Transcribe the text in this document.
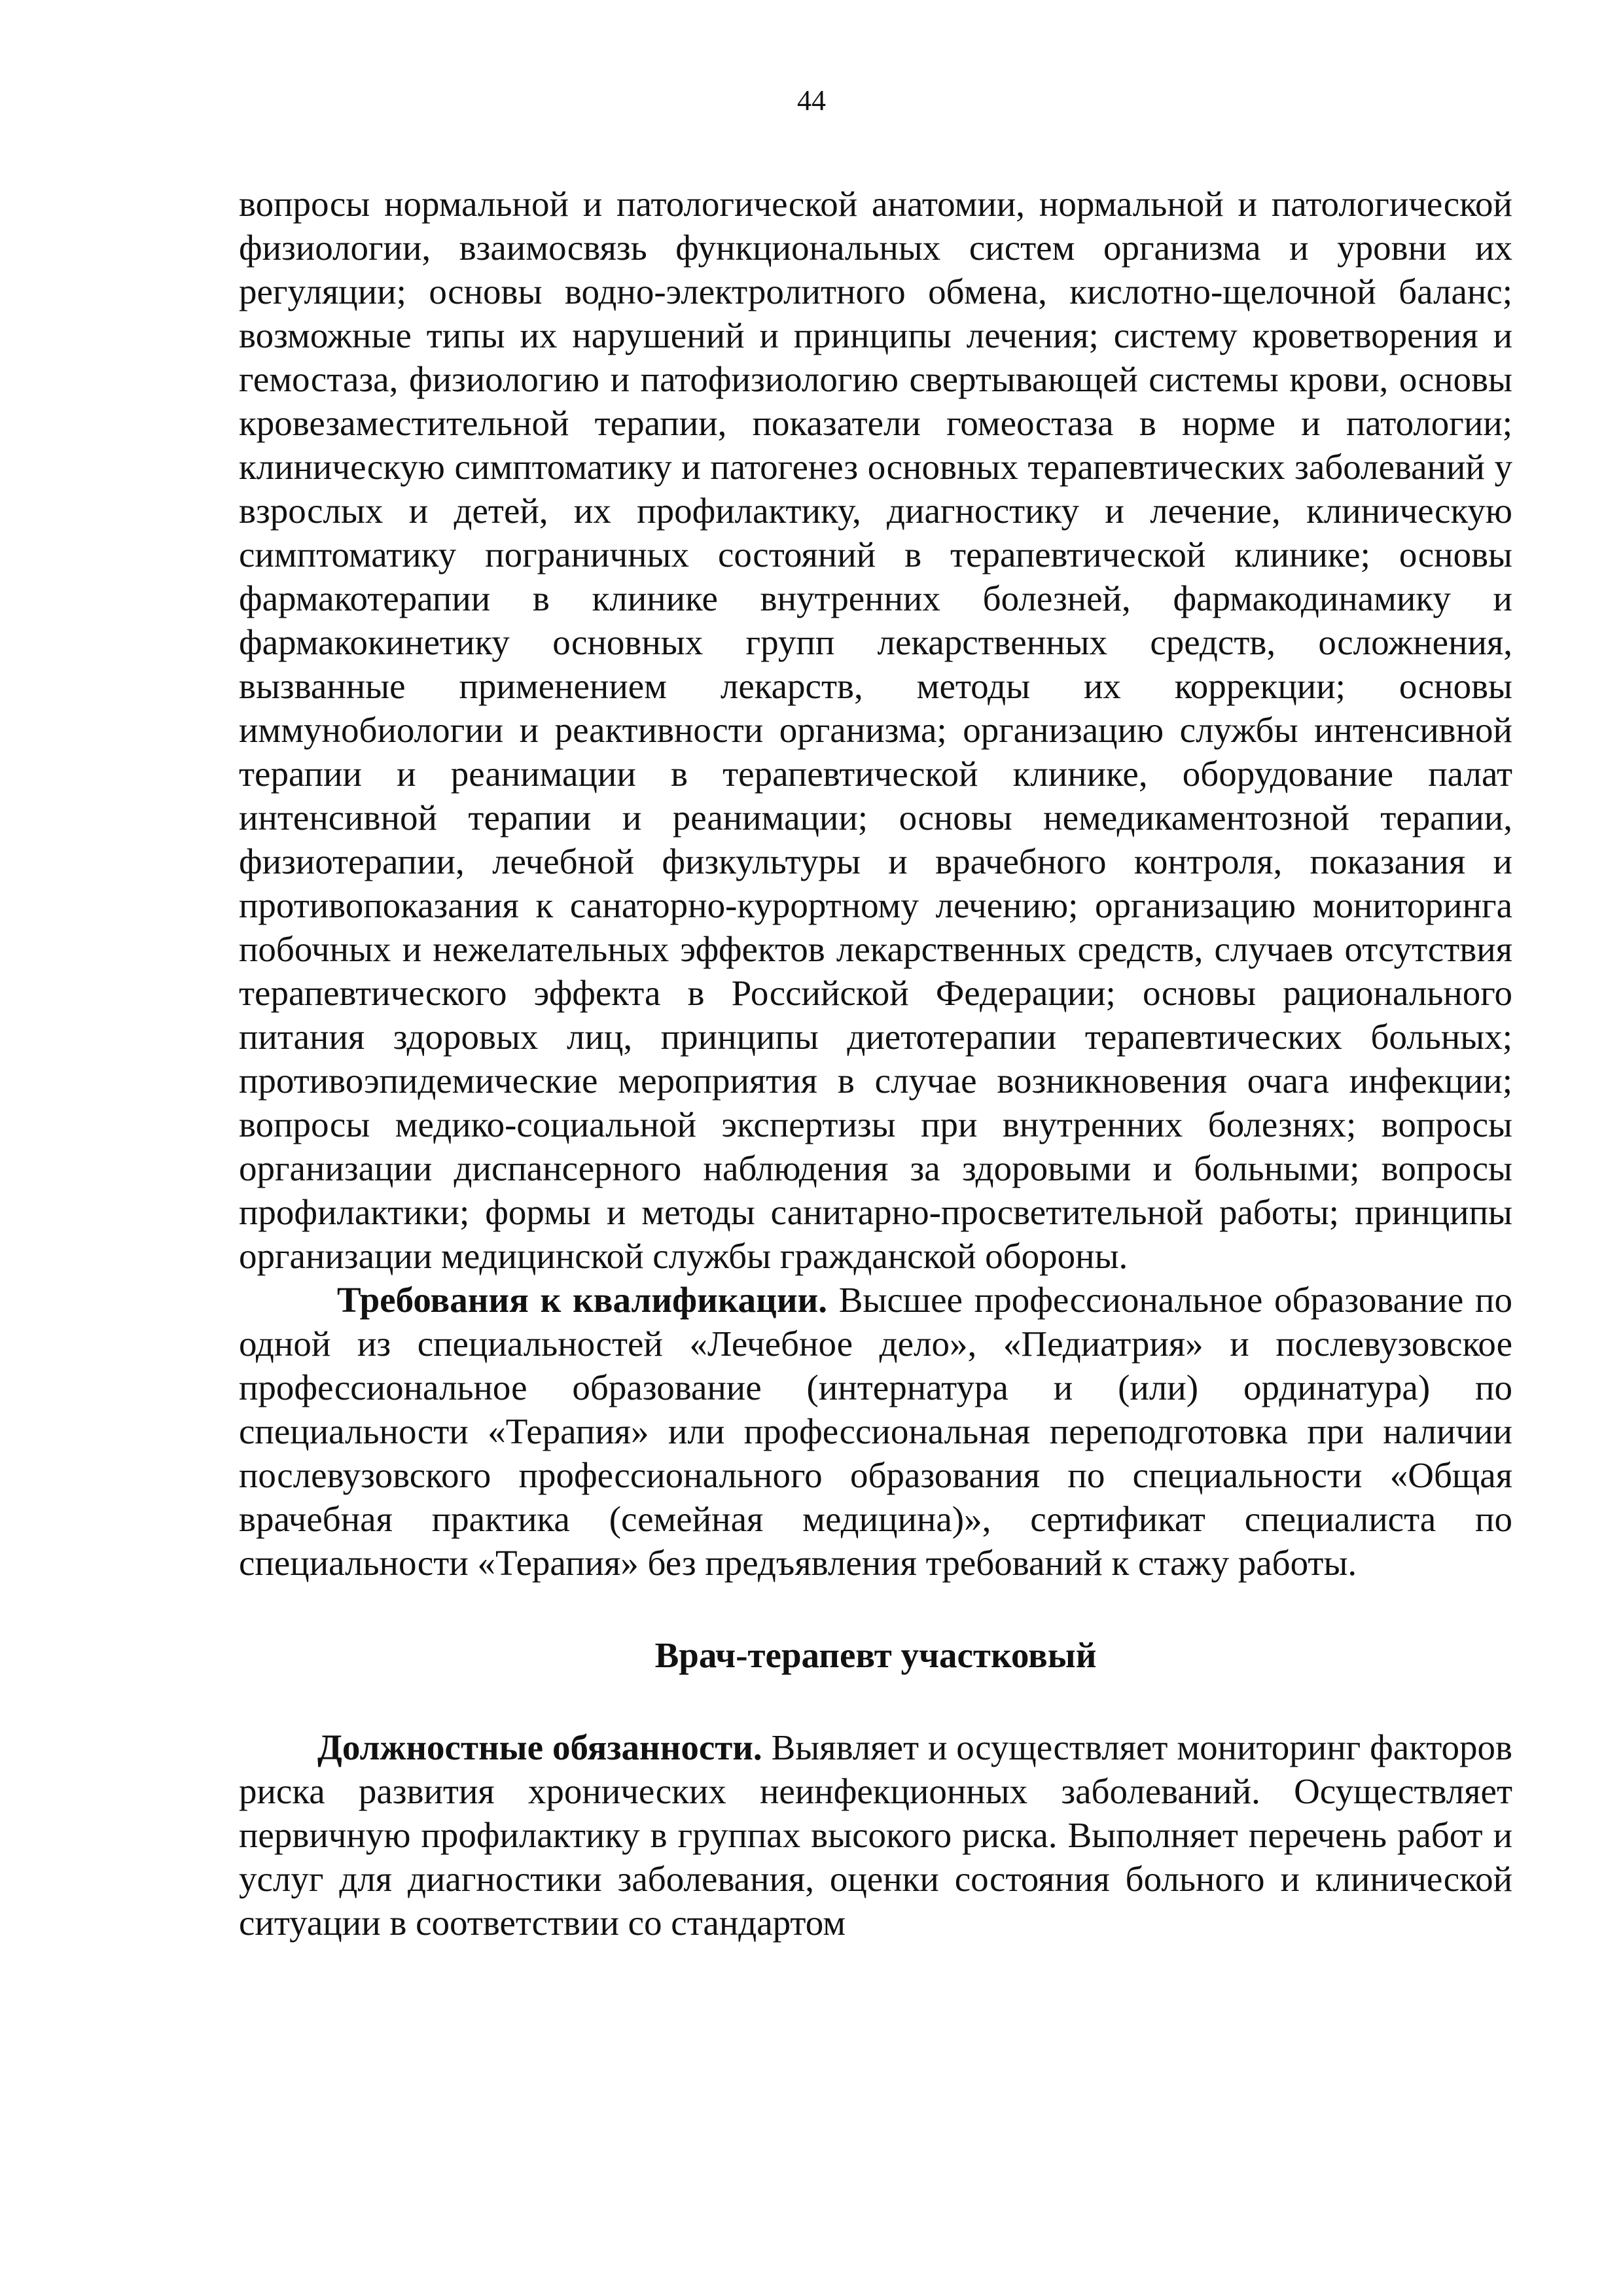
44

вопросы нормальной и патологической анатомии, нормальной и патологической физиологии, взаимосвязь функциональных систем организма и уровни их регуляции; основы водно-электролитного обмена, кислотно-щелочной баланс; возможные типы их нарушений и принципы лечения; систему кроветворения и гемостаза, физиологию и патофизиологию свертывающей системы крови, основы кровезаместительной терапии, показатели гомеостаза в норме и патологии; клиническую симптоматику и патогенез основных терапевтических заболеваний у взрослых и детей, их профилактику, диагностику и лечение, клиническую симптоматику пограничных состояний в терапевтической клинике; основы фармакотерапии в клинике внутренних болезней, фармакодинамику и фармакокинетику основных групп лекарственных средств, осложнения, вызванные применением лекарств, методы их коррекции; основы иммунобиологии и реактивности организма; организацию службы интенсивной терапии и реанимации в терапевтической клинике, оборудование палат интенсивной терапии и реанимации; основы немедикаментозной терапии, физиотерапии, лечебной физкультуры и врачебного контроля, показания и противопоказания к санаторно-курортному лечению; организацию мониторинга побочных и нежелательных эффектов лекарственных средств, случаев отсутствия терапевтического эффекта в Российской Федерации; основы рационального питания здоровых лиц, принципы диетотерапии терапевтических больных; противоэпидемические мероприятия в случае возникновения очага инфекции; вопросы медико-социальной экспертизы при внутренних болезнях; вопросы организации диспансерного наблюдения за здоровыми и больными; вопросы профилактики; формы и методы санитарно-просветительной работы; принципы организации медицинской службы гражданской обороны.

Требования к квалификации. Высшее профессиональное образование по одной из специальностей «Лечебное дело», «Педиатрия» и послевузовское профессиональное образование (интернатура и (или) ординатура) по специальности «Терапия» или профессиональная переподготовка при наличии послевузовского профессионального образования по специальности «Общая врачебная практика (семейная медицина)», сертификат специалиста по специальности «Терапия» без предъявления требований к стажу работы.

Врач-терапевт участковый

Должностные обязанности. Выявляет и осуществляет мониторинг факторов риска развития хронических неинфекционных заболеваний. Осуществляет первичную профилактику в группах высокого риска. Выполняет перечень работ и услуг для диагностики заболевания, оценки состояния больного и клинической ситуации в соответствии со стандартом
